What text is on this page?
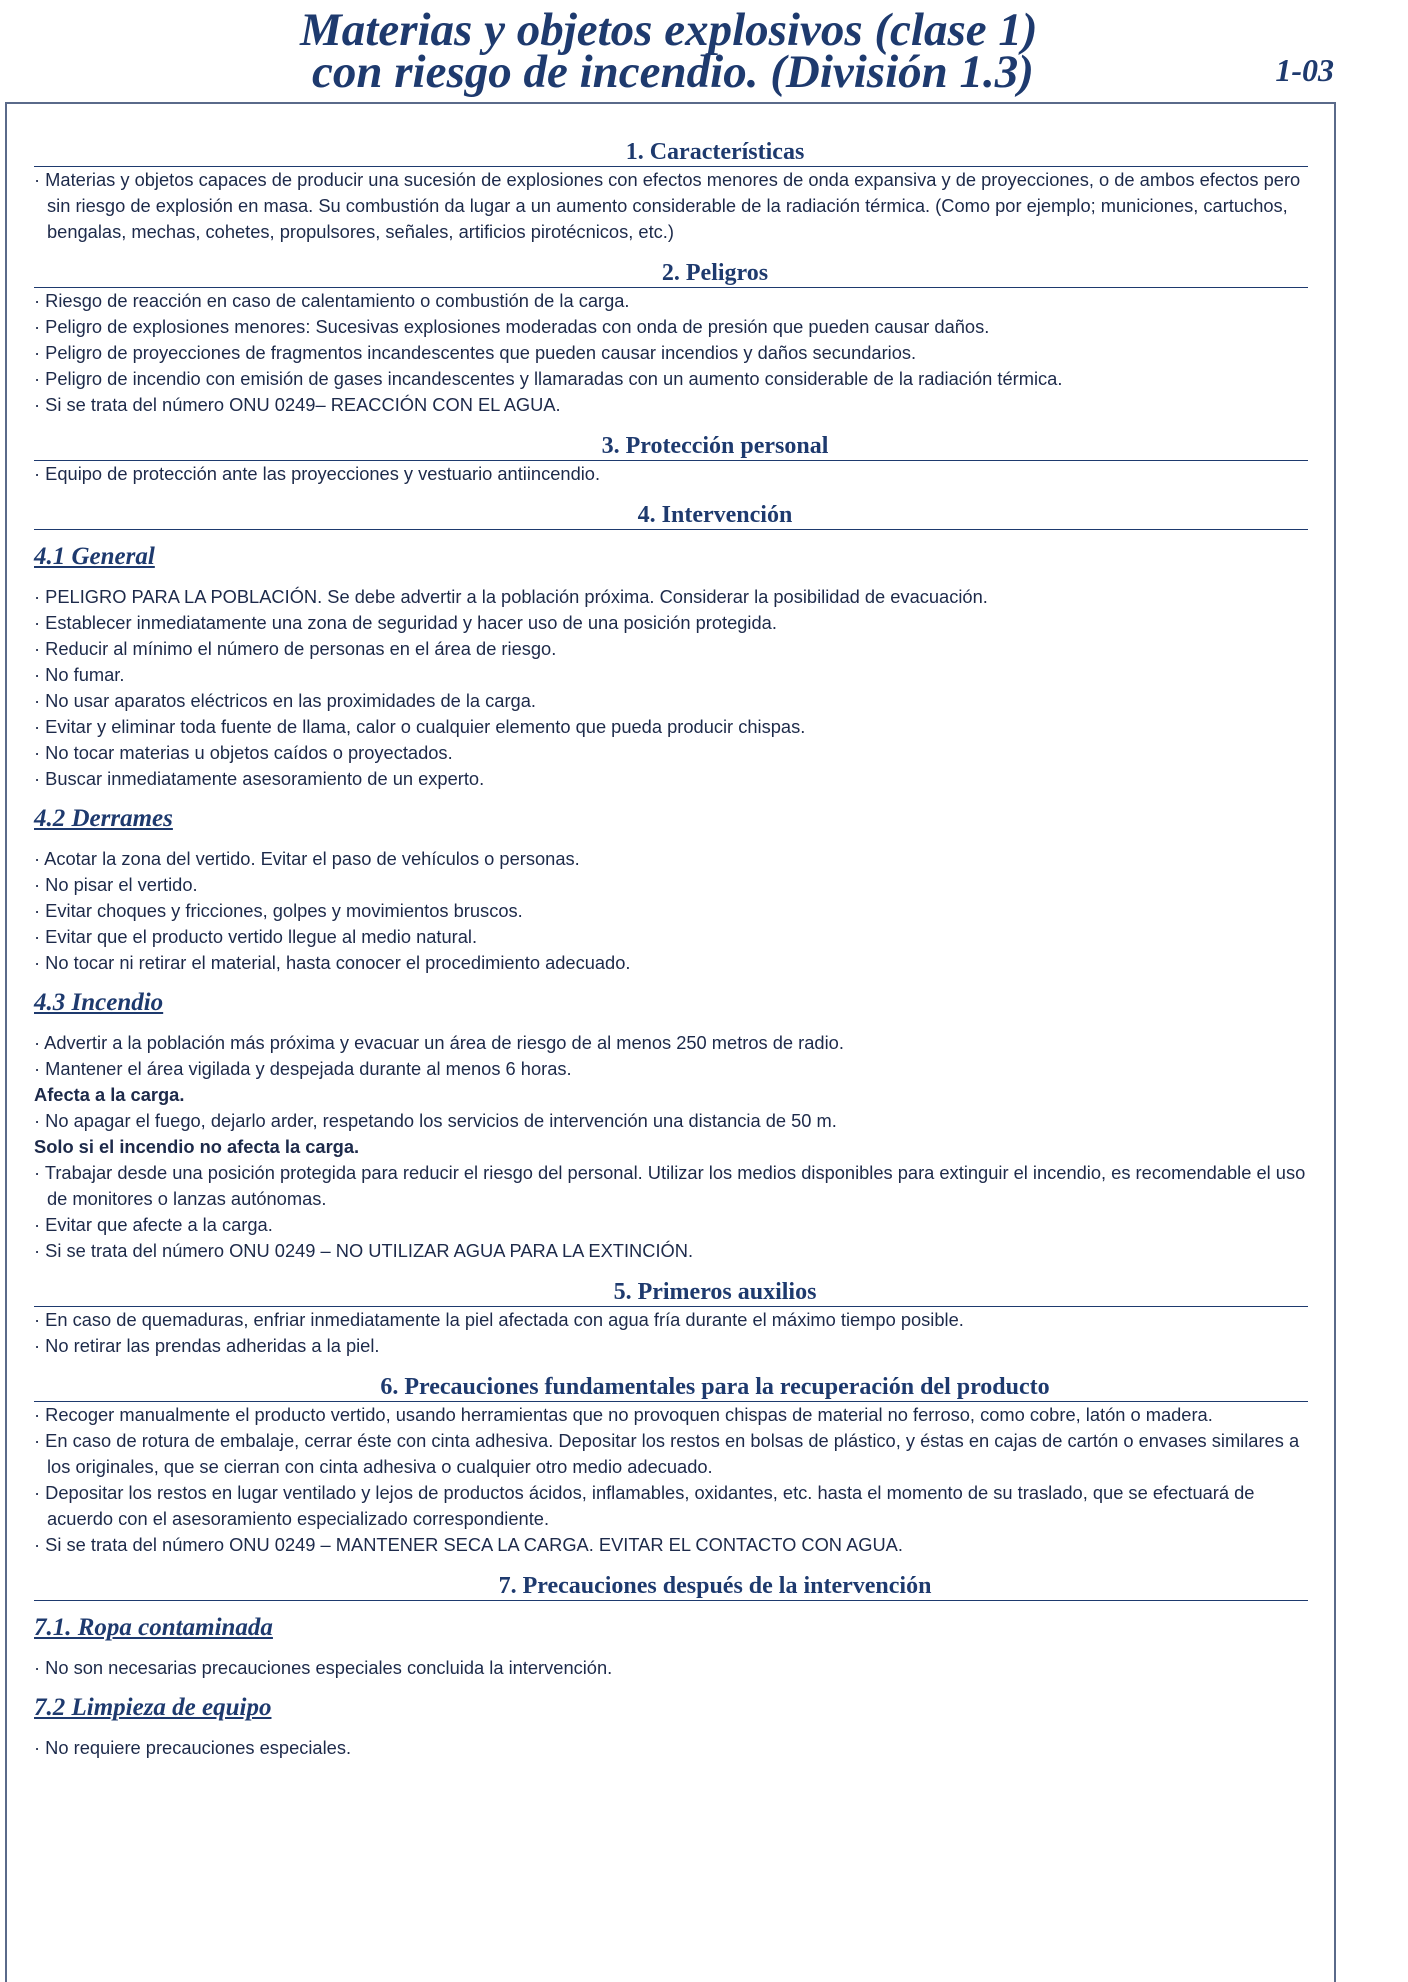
Materias y objetos explosivos (clase 1)
con riesgo de incendio. (División 1.3)	1-03
1. Características
· Materias y objetos capaces de producir una sucesión de explosiones con efectos menores de onda expansiva y de proyecciones, o de ambos efectos pero sin riesgo de explosión en masa. Su combustión da lugar a un aumento considerable de la radiación térmica. (Como por ejemplo; municiones, cartuchos, bengalas, mechas, cohetes, propulsores, señales, artificios pirotécnicos, etc.)
2. Peligros
· Riesgo de reacción en caso de calentamiento o combustión de la carga.
· Peligro de explosiones menores: Sucesivas explosiones moderadas con onda de presión que pueden causar daños.
· Peligro de proyecciones de fragmentos incandescentes que pueden causar incendios y daños secundarios.
· Peligro de incendio con emisión de gases incandescentes y llamaradas con un aumento considerable de la radiación térmica.
· Si se trata del número ONU 0249– REACCIÓN CON EL AGUA.
3. Protección personal
· Equipo de protección ante las proyecciones y vestuario antiincendio.
4. Intervención
4.1 General
· PELIGRO PARA LA POBLACIÓN. Se debe advertir a la población próxima. Considerar la posibilidad de evacuación.
· Establecer inmediatamente una zona de seguridad y hacer uso de una posición protegida.
· Reducir al mínimo el número de personas en el área de riesgo.
· No fumar.
· No usar aparatos eléctricos en las proximidades de la carga.
· Evitar y eliminar toda fuente de llama, calor o cualquier elemento que pueda producir chispas.
· No tocar materias u objetos caídos o proyectados.
· Buscar inmediatamente asesoramiento de un experto.
4.2 Derrames
· Acotar la zona del vertido. Evitar el paso de vehículos o personas.
· No pisar el vertido.
· Evitar choques y fricciones, golpes y movimientos bruscos.
· Evitar que el producto vertido llegue al medio natural.
· No tocar ni retirar el material, hasta conocer el procedimiento adecuado.
4.3 Incendio
· Advertir a la población más próxima y evacuar un área de riesgo de al menos 250 metros de radio.
· Mantener el área vigilada y despejada durante al menos 6 horas.
Afecta a la carga.
· No apagar el fuego, dejarlo arder, respetando los servicios de intervención una distancia de 50 m.
Solo si el incendio no afecta la carga.
· Trabajar desde una posición protegida para reducir el riesgo del personal. Utilizar los medios disponibles para extinguir el incendio, es recomendable el uso de monitores o lanzas autónomas.
· Evitar que afecte a la carga.
· Si se trata del número ONU 0249 – NO UTILIZAR AGUA PARA LA EXTINCIÓN.
5. Primeros auxilios
· En caso de quemaduras, enfriar inmediatamente la piel afectada con agua fría durante el máximo tiempo posible.
· No retirar las prendas adheridas a la piel.
6. Precauciones fundamentales para la recuperación del producto
· Recoger manualmente el producto vertido, usando herramientas que no provoquen chispas de material no ferroso, como cobre, latón o madera.
· En caso de rotura de embalaje, cerrar éste con cinta adhesiva. Depositar los restos en bolsas de plástico, y éstas en cajas de cartón o envases similares a los originales, que se cierran con cinta adhesiva o cualquier otro medio adecuado.
· Depositar los restos en lugar ventilado y lejos de productos ácidos, inflamables, oxidantes, etc. hasta el momento de su traslado, que se efectuará de acuerdo con el asesoramiento especializado correspondiente.
· Si se trata del número ONU 0249 – MANTENER SECA LA CARGA. EVITAR EL CONTACTO CON AGUA.
7. Precauciones después de la intervención
7.1. Ropa contaminada
· No son necesarias precauciones especiales concluida la intervención.
7.2 Limpieza de equipo
· No requiere precauciones especiales.
